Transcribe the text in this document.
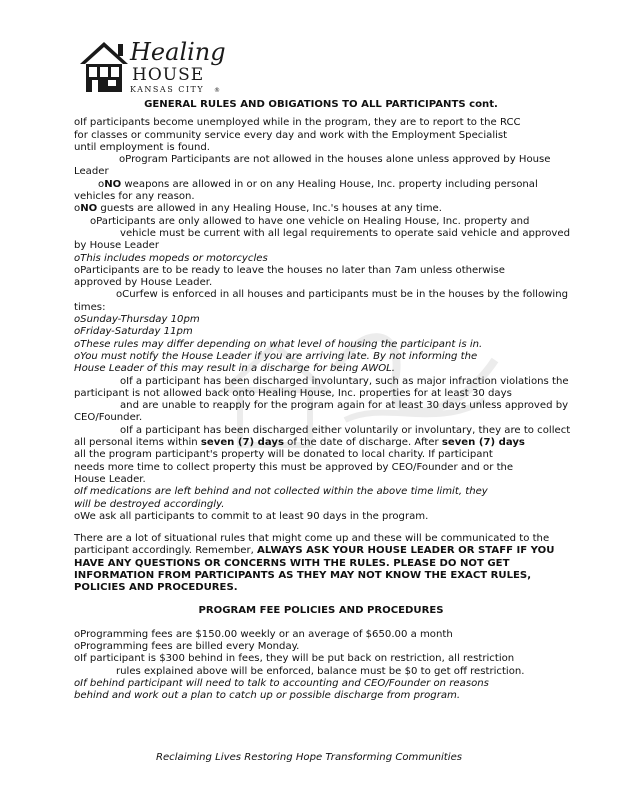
Healing
HOUSE
KANSAS CITY ®
GENERAL RULES AND OBIGATIONS TO ALL PARTICIPANTS cont.
oIf participants become unemployed while in the program, they are to report to the RCC
for classes or community service every day and work with the Employment Specialist
until employment is found.
oProgram Participants are not allowed in the houses alone unless approved by House
Leader
oNO weapons are allowed in or on any Healing House, Inc. property including personal
vehicles for any reason.
oNO guests are allowed in any Healing House, Inc.'s houses at any time.
oParticipants are only allowed to have one vehicle on Healing House, Inc. property and
vehicle must be current with all legal requirements to operate said vehicle and approved
by House Leader
oThis includes mopeds or motorcycles
oParticipants are to be ready to leave the houses no later than 7am unless otherwise
approved by House Leader.
oCurfew is enforced in all houses and participants must be in the houses by the following
times:
oSunday-Thursday 10pm
oFriday-Saturday 11pm
oThese rules may differ depending on what level of housing the participant is in.
oYou must notify the House Leader if you are arriving late. By not informing the
House Leader of this may result in a discharge for being AWOL.
oIf a participant has been discharged involuntary, such as major infraction violations the
participant is not allowed back onto Healing House, Inc. properties for at least 30 days
and are unable to reapply for the program again for at least 30 days unless approved by
CEO/Founder.
oIf a participant has been discharged either voluntarily or involuntary, they are to collect
all personal items within seven (7) days of the date of discharge. After seven (7) days
all the program participant's property will be donated to local charity. If participant
needs more time to collect property this must be approved by CEO/Founder and or the
House Leader.
oIf medications are left behind and not collected within the above time limit, they
will be destroyed accordingly.
oWe ask all participants to commit to at least 90 days in the program.
There are a lot of situational rules that might come up and these will be communicated to the
participant accordingly. Remember, ALWAYS ASK YOUR HOUSE LEADER OR STAFF IF YOU
HAVE ANY QUESTIONS OR CONCERNS WITH THE RULES. PLEASE DO NOT GET
INFORMATION FROM PARTICIPANTS AS THEY MAY NOT KNOW THE EXACT RULES,
POLICIES AND PROCEDURES.
PROGRAM FEE POLICIES AND PROCEDURES
oProgramming fees are $150.00 weekly or an average of $650.00 a month
oProgramming fees are billed every Monday.
oIf participant is $300 behind in fees, they will be put back on restriction, all restriction
rules explained above will be enforced, balance must be $0 to get off restriction.
oIf behind participant will need to talk to accounting and CEO/Founder on reasons
behind and work out a plan to catch up or possible discharge from program.
Reclaiming Lives Restoring Hope Transforming Communities
